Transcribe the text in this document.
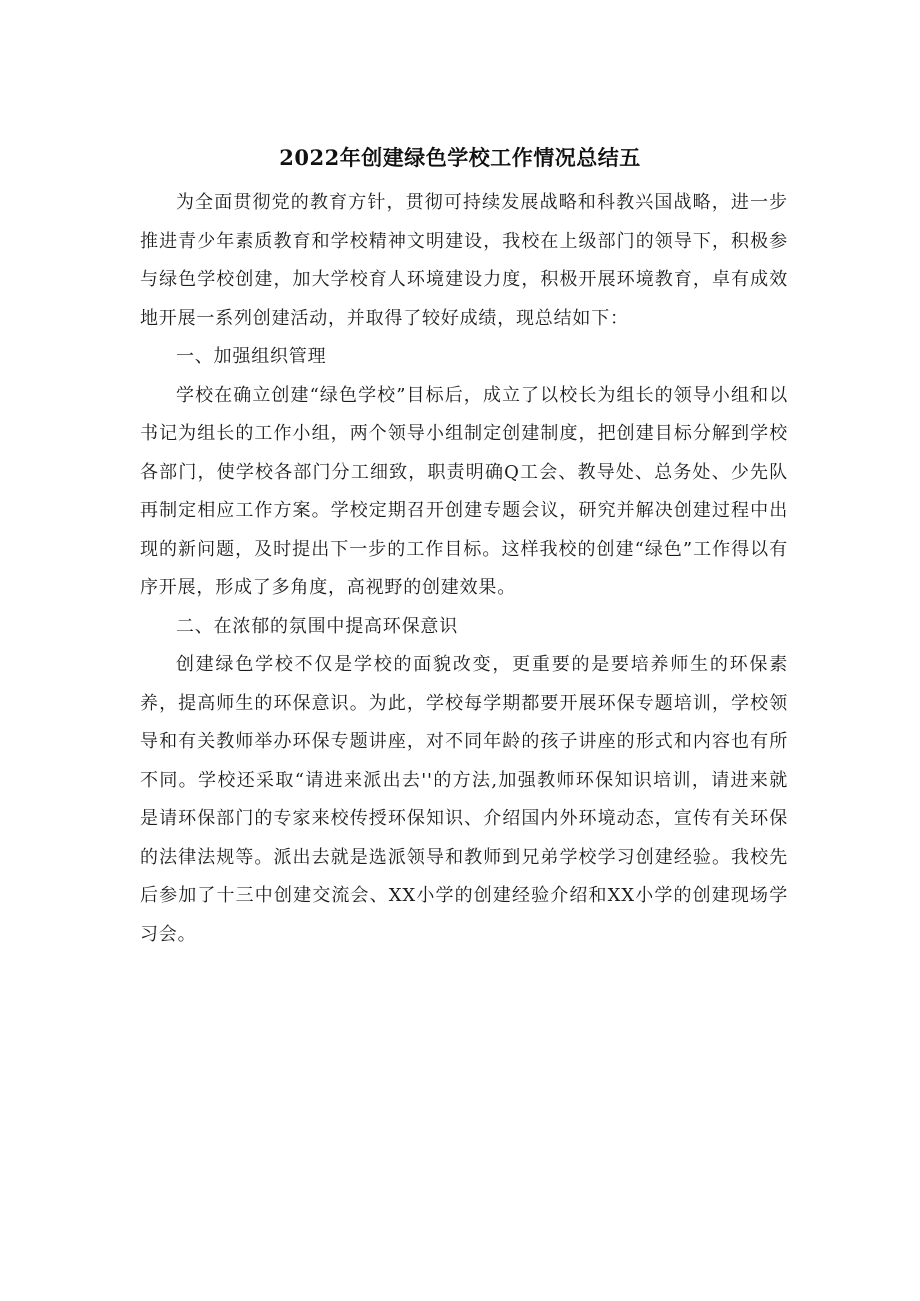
2022年创建绿色学校工作情况总结五

为全面贯彻党的教育方针，贯彻可持续发展战略和科教兴国战略，进一步推进青少年素质教育和学校精神文明建设，我校在上级部门的领导下，积极参与绿色学校创建，加大学校育人环境建设力度，积极开展环境教育，卓有成效地开展一系列创建活动，并取得了较好成绩，现总结如下：

一、加强组织管理

学校在确立创建“绿色学校”目标后，成立了以校长为组长的领导小组和以书记为组长的工作小组，两个领导小组制定创建制度，把创建目标分解到学校各部门，使学校各部门分工细致，职责明确Q工会、教导处、总务处、少先队再制定相应工作方案。学校定期召开创建专题会议，研究并解决创建过程中出现的新问题，及时提出下一步的工作目标。这样我校的创建“绿色”工作得以有序开展，形成了多角度，高视野的创建效果。

二、在浓郁的氛围中提高环保意识

创建绿色学校不仅是学校的面貌改变，更重要的是要培养师生的环保素养，提高师生的环保意识。为此，学校每学期都要开展环保专题培训，学校领导和有关教师举办环保专题讲座，对不同年龄的孩子讲座的形式和内容也有所不同。学校还采取“请进来派出去''的方法,加强教师环保知识培训，请进来就是请环保部门的专家来校传授环保知识、介绍国内外环境动态，宣传有关环保的法律法规等。派出去就是选派领导和教师到兄弟学校学习创建经验。我校先后参加了十三中创建交流会、XX小学的创建经验介绍和XX小学的创建现场学习会。
